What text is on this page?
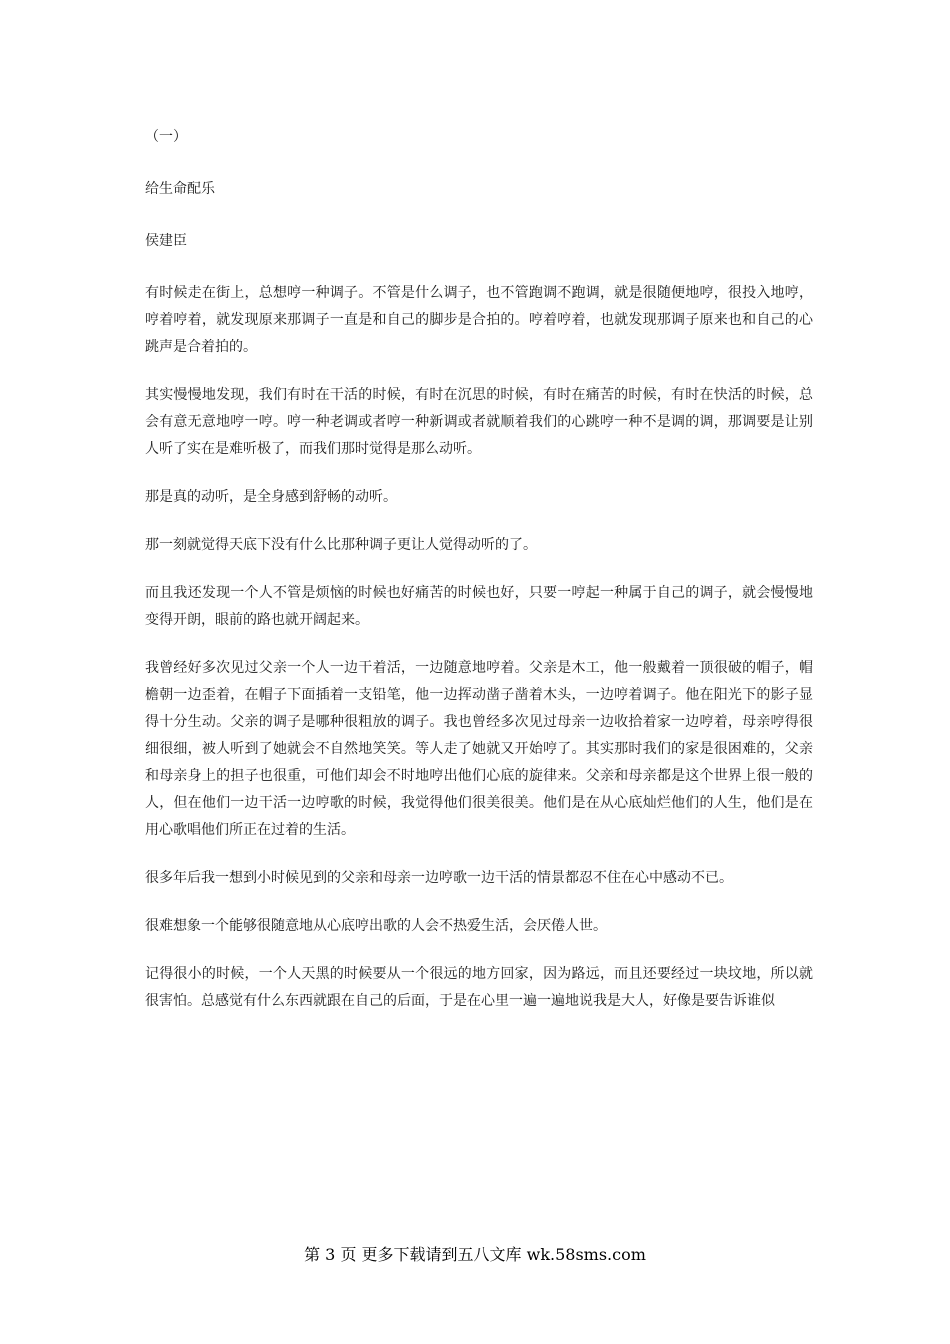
（一）

给生命配乐

侯建臣

有时候走在街上，总想哼一种调子。不管是什么调子，也不管跑调不跑调，就是很随便地哼，很投入地哼，哼着哼着，就发现原来那调子一直是和自己的脚步是合拍的。哼着哼着，也就发现那调子原来也和自己的心跳声是合着拍的。

其实慢慢地发现，我们有时在干活的时候，有时在沉思的时候，有时在痛苦的时候，有时在快活的时候，总会有意无意地哼一哼。哼一种老调或者哼一种新调或者就顺着我们的心跳哼一种不是调的调，那调要是让别人听了实在是难听极了，而我们那时觉得是那么动听。

那是真的动听，是全身感到舒畅的动听。

那一刻就觉得天底下没有什么比那种调子更让人觉得动听的了。

而且我还发现一个人不管是烦恼的时候也好痛苦的时候也好，只要一哼起一种属于自己的调子，就会慢慢地变得开朗，眼前的路也就开阔起来。

我曾经好多次见过父亲一个人一边干着活，一边随意地哼着。父亲是木工，他一般戴着一顶很破的帽子，帽檐朝一边歪着，在帽子下面插着一支铅笔，他一边挥动凿子凿着木头，一边哼着调子。他在阳光下的影子显得十分生动。父亲的调子是哪种很粗放的调子。我也曾经多次见过母亲一边收拾着家一边哼着，母亲哼得很细很细，被人听到了她就会不自然地笑笑。等人走了她就又开始哼了。其实那时我们的家是很困难的，父亲和母亲身上的担子也很重，可他们却会不时地哼出他们心底的旋律来。父亲和母亲都是这个世界上很一般的人，但在他们一边干活一边哼歌的时候，我觉得他们很美很美。他们是在从心底灿烂他们的人生，他们是在用心歌唱他们所正在过着的生活。

很多年后我一想到小时候见到的父亲和母亲一边哼歌一边干活的情景都忍不住在心中感动不已。

很难想象一个能够很随意地从心底哼出歌的人会不热爱生活，会厌倦人世。

记得很小的时候，一个人天黑的时候要从一个很远的地方回家，因为路远，而且还要经过一块坟地，所以就很害怕。总感觉有什么东西就跟在自己的后面，于是在心里一遍一遍地说我是大人，好像是要告诉谁似

第 3 页 更多下载请到五八文库 wk.58sms.com
